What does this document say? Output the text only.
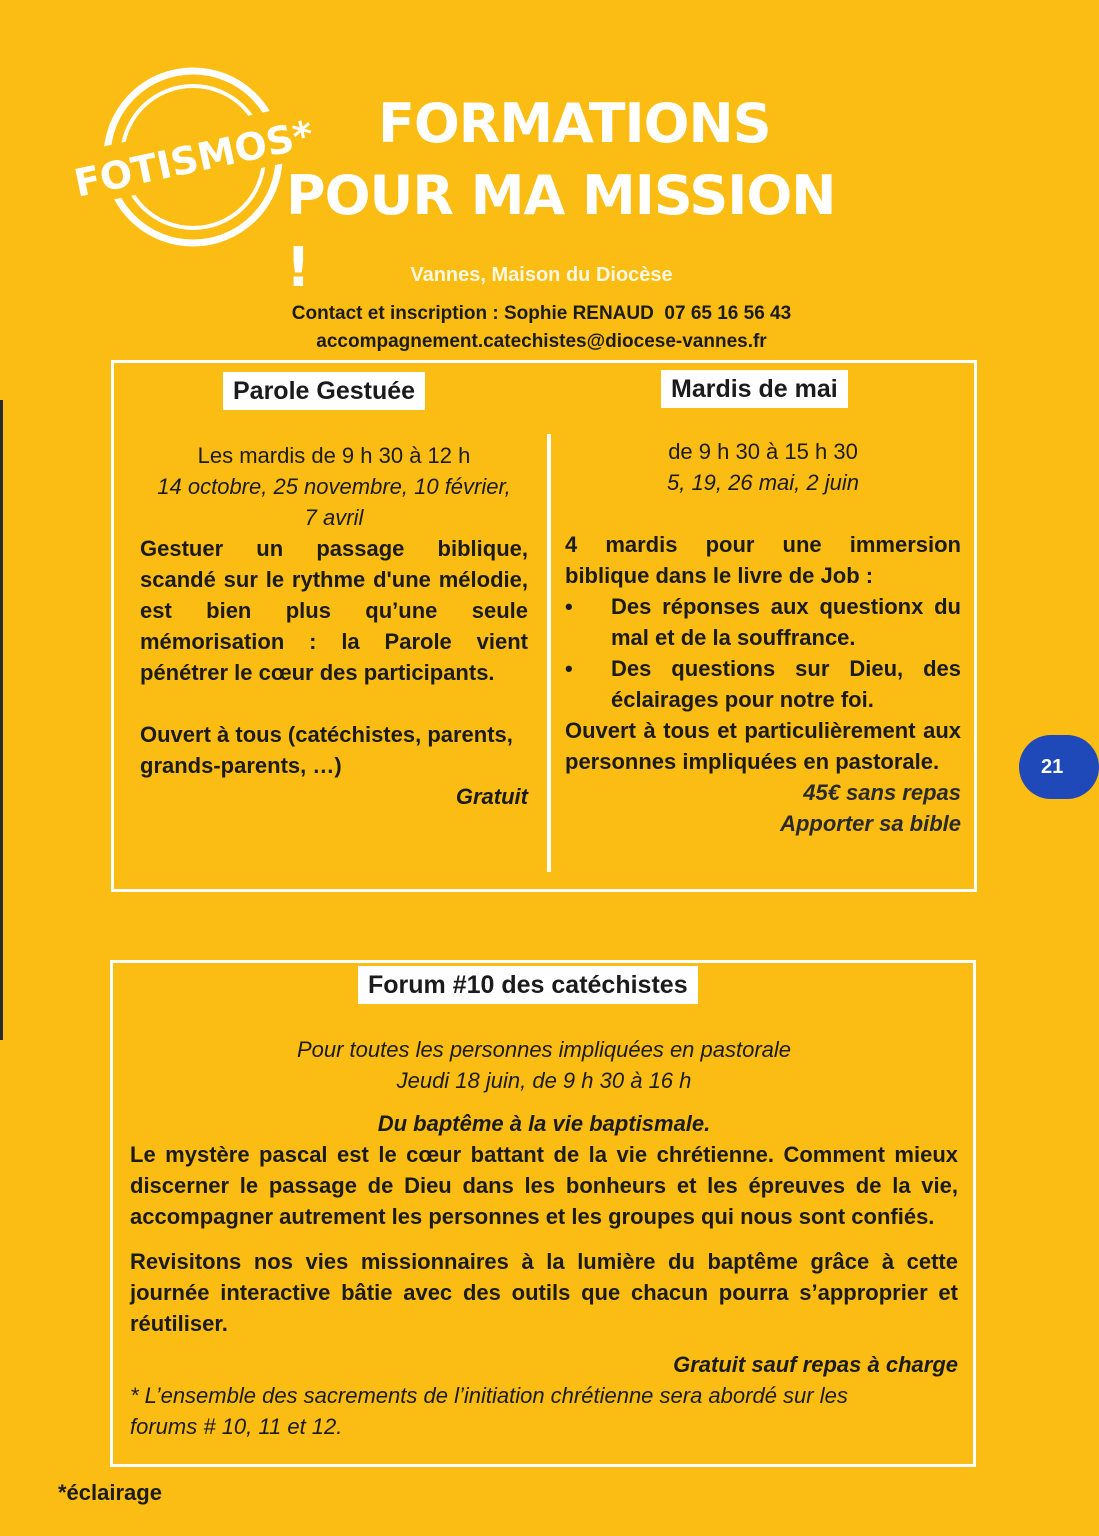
FOTISMOS*	FORMATIONS
POUR MA MISSION !	Vannes, Maison du Diocèse
Contact et inscription : Sophie RENAUD  07 65 16 56 43
accompagnement.catechistes@diocese-vannes.fr
Parole Gestuée	Mardis de mai
Les mardis de 9 h 30 à 12 h
14 octobre, 25 novembre, 10 février,
7 avril
Gestuer un passage biblique, scandé sur le rythme d'une mélodie, est bien plus qu’une seule mémorisation : la Parole vient pénétrer le cœur des participants.
Ouvert à tous (catéchistes, parents, grands-parents, …)
Gratuit
de 9 h 30 à 15 h 30
5, 19, 26 mai, 2 juin
4 mardis pour une immersion biblique dans le livre de Job :
• Des réponses aux questionx du mal et de la souffrance.
• Des questions sur Dieu, des éclairages pour notre foi.
Ouvert à tous et particulièrement aux personnes impliquées en pastorale.
45€ sans repas
Apporter sa bible
Forum #10 des catéchistes
Pour toutes les personnes impliquées en pastorale
Jeudi 18 juin, de 9 h 30 à 16 h
Du baptême à la vie baptismale.
Le mystère pascal est le cœur battant de la vie chrétienne. Comment mieux discerner le passage de Dieu dans les bonheurs et les épreuves de la vie, accompagner autrement les personnes et les groupes qui nous sont confiés.
Revisitons nos vies missionnaires à la lumière du baptême grâce à cette journée interactive bâtie avec des outils que chacun pourra s’approprier et réutiliser.
Gratuit sauf repas à charge
* L’ensemble des sacrements de l’initiation chrétienne sera abordé sur les forums # 10, 11 et 12.
21
*éclairage
